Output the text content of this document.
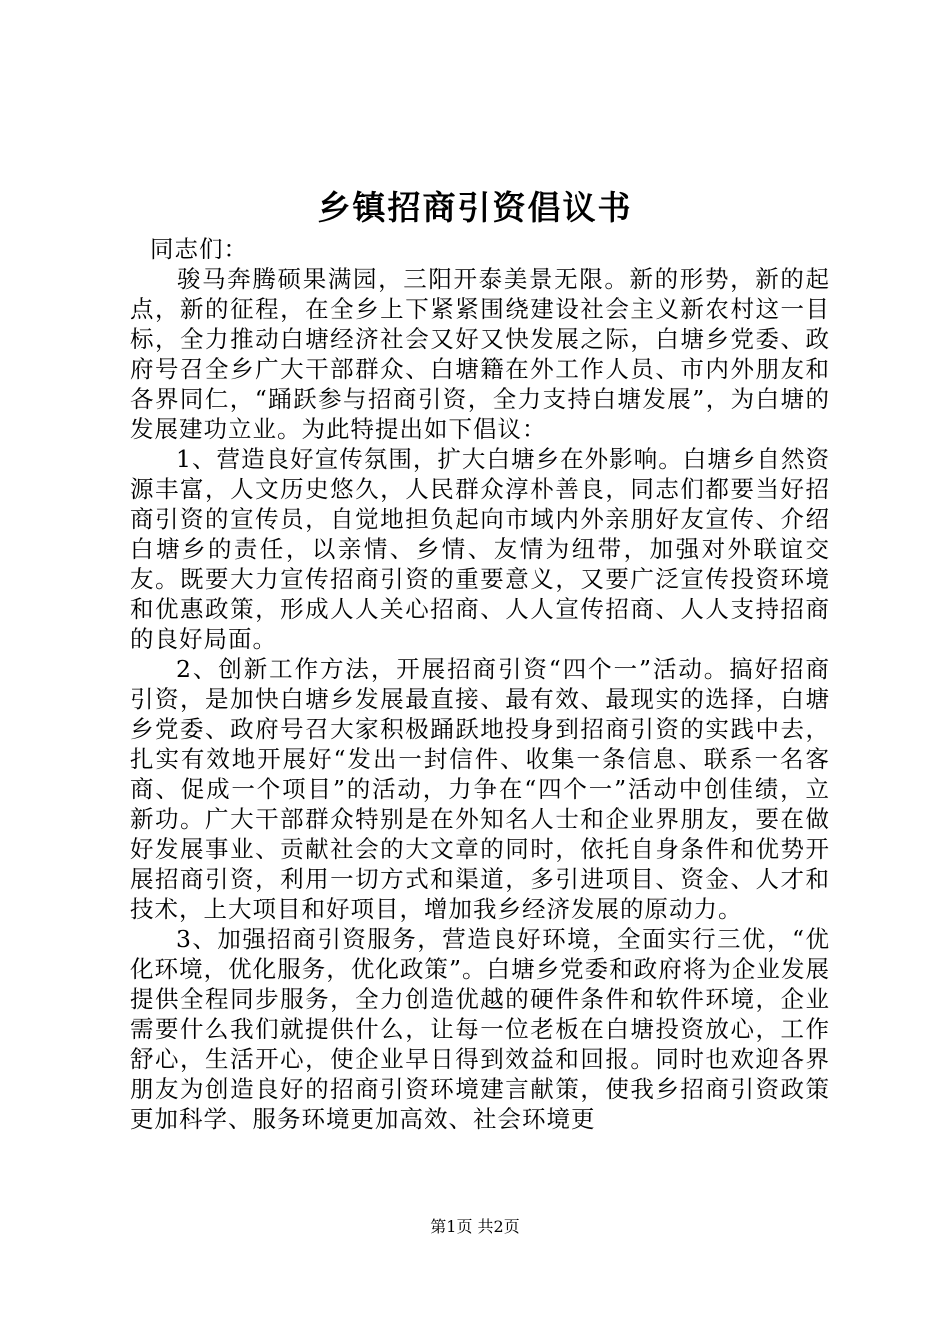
乡镇招商引资倡议书

同志们：

骏马奔腾硕果满园，三阳开泰美景无限。新的形势，新的起点，新的征程，在全乡上下紧紧围绕建设社会主义新农村这一目标，全力推动白塘经济社会又好又快发展之际，白塘乡党委、政府号召全乡广大干部群众、白塘籍在外工作人员、市内外朋友和各界同仁，“踊跃参与招商引资，全力支持白塘发展”，为白塘的发展建功立业。为此特提出如下倡议：

1、营造良好宣传氛围，扩大白塘乡在外影响。白塘乡自然资源丰富，人文历史悠久，人民群众淳朴善良，同志们都要当好招商引资的宣传员，自觉地担负起向市域内外亲朋好友宣传、介绍白塘乡的责任，以亲情、乡情、友情为纽带，加强对外联谊交友。既要大力宣传招商引资的重要意义，又要广泛宣传投资环境和优惠政策，形成人人关心招商、人人宣传招商、人人支持招商的良好局面。

2、创新工作方法，开展招商引资“四个一”活动。搞好招商引资，是加快白塘乡发展最直接、最有效、最现实的选择，白塘乡党委、政府号召大家积极踊跃地投身到招商引资的实践中去，扎实有效地开展好“发出一封信件、收集一条信息、联系一名客商、促成一个项目”的活动，力争在“四个一”活动中创佳绩，立新功。广大干部群众特别是在外知名人士和企业界朋友，要在做好发展事业、贡献社会的大文章的同时，依托自身条件和优势开展招商引资，利用一切方式和渠道，多引进项目、资金、人才和技术，上大项目和好项目，增加我乡经济发展的原动力。

3、加强招商引资服务，营造良好环境，全面实行三优，“优化环境，优化服务，优化政策”。白塘乡党委和政府将为企业发展提供全程同步服务，全力创造优越的硬件条件和软件环境，企业需要什么我们就提供什么，让每一位老板在白塘投资放心，工作舒心，生活开心，使企业早日得到效益和回报。同时也欢迎各界朋友为创造良好的招商引资环境建言献策，使我乡招商引资政策更加科学、服务环境更加高效、社会环境更

第1页 共2页
